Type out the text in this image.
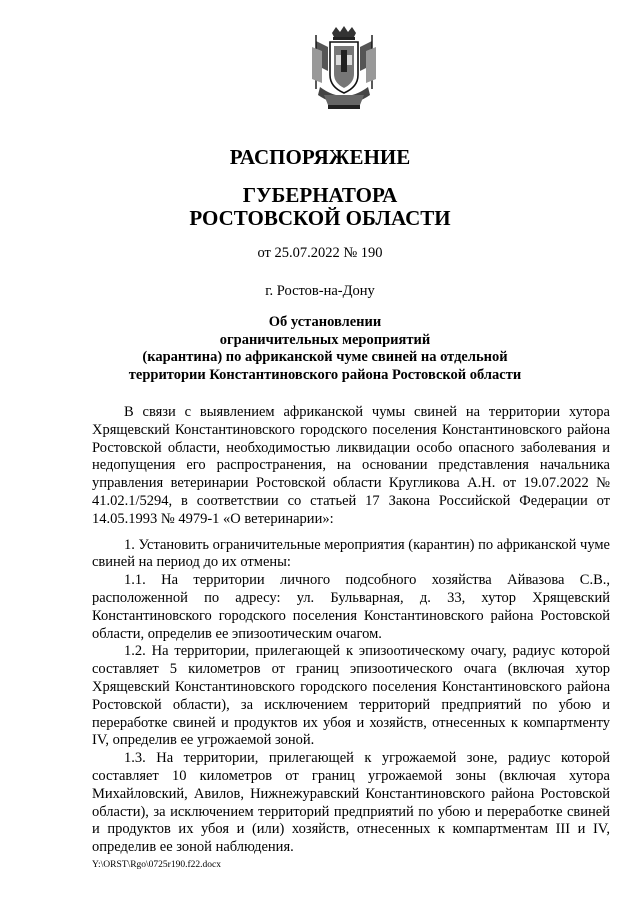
РАСПОРЯЖЕНИЕ
ГУБЕРНАТОРА
РОСТОВСКОЙ ОБЛАСТИ
от 25.07.2022 № 190
г. Ростов-на-Дону
Об установлении
ограничительных мероприятий
(карантина) по африканской чуме свиней на отдельной
территории Константиновского района Ростовской области

В связи с выявлением африканской чумы свиней на территории хутора Хрящевский Константиновского городского поселения Константиновского района Ростовской области, необходимостью ликвидации особо опасного заболевания и недопущения его распространения, на основании представления начальника управления ветеринарии Ростовской области Кругликова А.Н. от 19.07.2022 № 41.02.1/5294, в соответствии со статьей 17 Закона Российской Федерации от 14.05.1993 № 4979-1 «О ветеринарии»:

1. Установить ограничительные мероприятия (карантин) по африканской чуме свиней на период до их отмены:

1.1. На территории личного подсобного хозяйства Айвазова С.В., расположенной по адресу: ул. Бульварная, д. 33, хутор Хрящевский Константиновского городского поселения Константиновского района Ростовской области, определив ее эпизоотическим очагом.

1.2. На территории, прилегающей к эпизоотическому очагу, радиус которой составляет 5 километров от границ эпизоотического очага (включая хутор Хрящевский Константиновского городского поселения Константиновского района Ростовской области), за исключением территорий предприятий по убою и переработке свиней и продуктов их убоя и хозяйств, отнесенных к компартменту IV, определив ее угрожаемой зоной.

1.3. На территории, прилегающей к угрожаемой зоне, радиус которой составляет 10 километров от границ угрожаемой зоны (включая хутора Михайловский, Авилов, Нижнежуравский Константиновского района Ростовской области), за исключением территорий предприятий по убою и переработке свиней и продуктов их убоя и (или) хозяйств, отнесенных к компартментам III и IV, определив ее зоной наблюдения.

Y:\ORST\Rgo\0725r190.f22.docx
